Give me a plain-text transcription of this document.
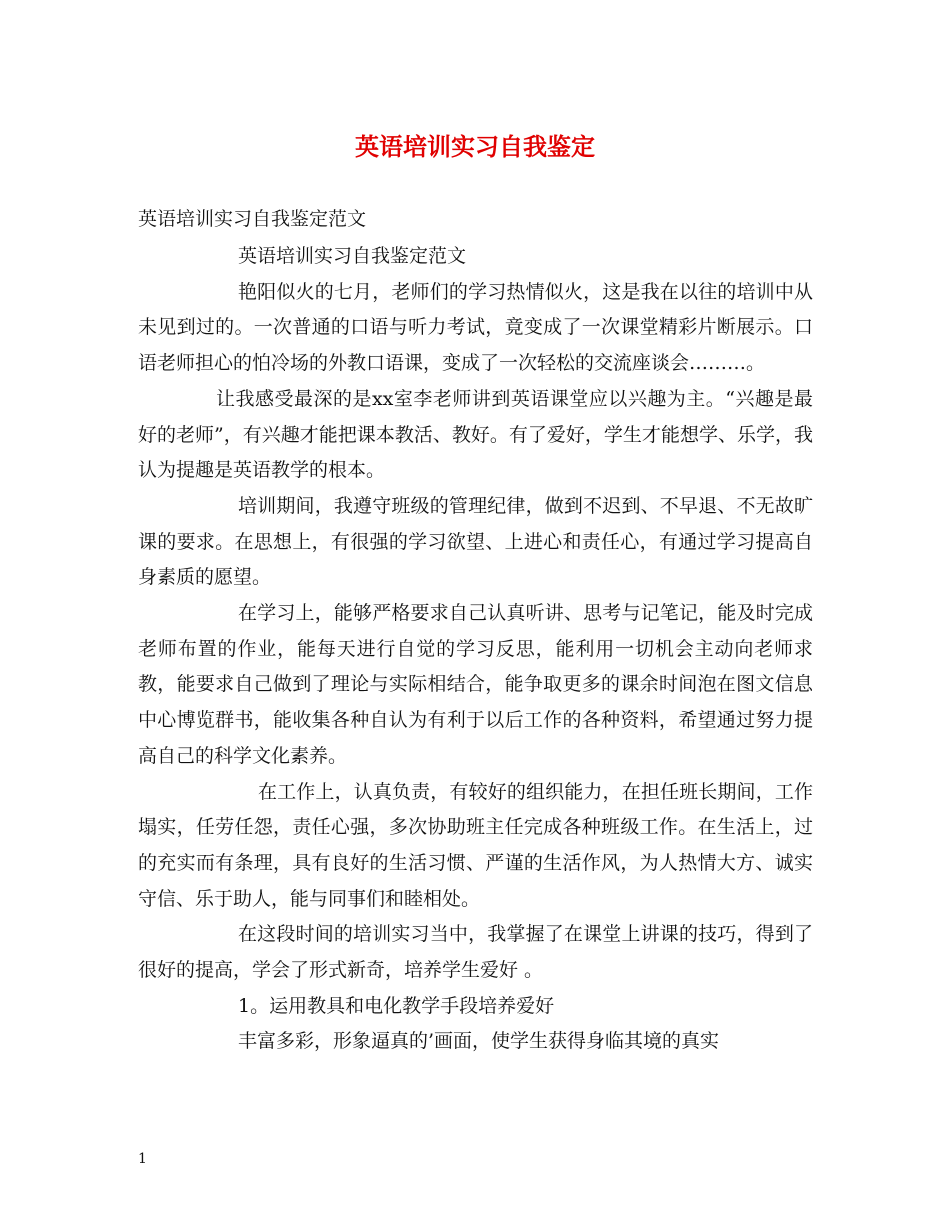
英语培训实习自我鉴定
英语培训实习自我鉴定范文

英语培训实习自我鉴定范文

艳阳似火的七月，老师们的学习热情似火，这是我在以往的培训中从未见到过的。一次普通的口语与听力考试，竟变成了一次课堂精彩片断展示。口语老师担心的怕冷场的外教口语课，变成了一次轻松的交流座谈会………。

让我感受最深的是xx室李老师讲到英语课堂应以兴趣为主。“兴趣是最好的老师”，有兴趣才能把课本教活、教好。有了爱好，学生才能想学、乐学，我认为提趣是英语教学的根本。

培训期间，我遵守班级的管理纪律，做到不迟到、不早退、不无故旷课的要求。在思想上，有很强的学习欲望、上进心和责任心，有通过学习提高自身素质的愿望。

在学习上，能够严格要求自己认真听讲、思考与记笔记，能及时完成老师布置的作业，能每天进行自觉的学习反思，能利用一切机会主动向老师求教，能要求自己做到了理论与实际相结合，能争取更多的课余时间泡在图文信息中心博览群书，能收集各种自认为有利于以后工作的各种资料，希望通过努力提高自己的科学文化素养。

在工作上，认真负责，有较好的组织能力，在担任班长期间，工作塌实，任劳任怨，责任心强，多次协助班主任完成各种班级工作。在生活上，过的充实而有条理，具有良好的生活习惯、严谨的生活作风，为人热情大方、诚实守信、乐于助人，能与同事们和睦相处。

在这段时间的培训实习当中，我掌握了在课堂上讲课的技巧，得到了很好的提高，学会了形式新奇，培养学生爱好 。

1。运用教具和电化教学手段培养爱好

丰富多彩，形象逼真的’画面，使学生获得身临其境的真实

1
